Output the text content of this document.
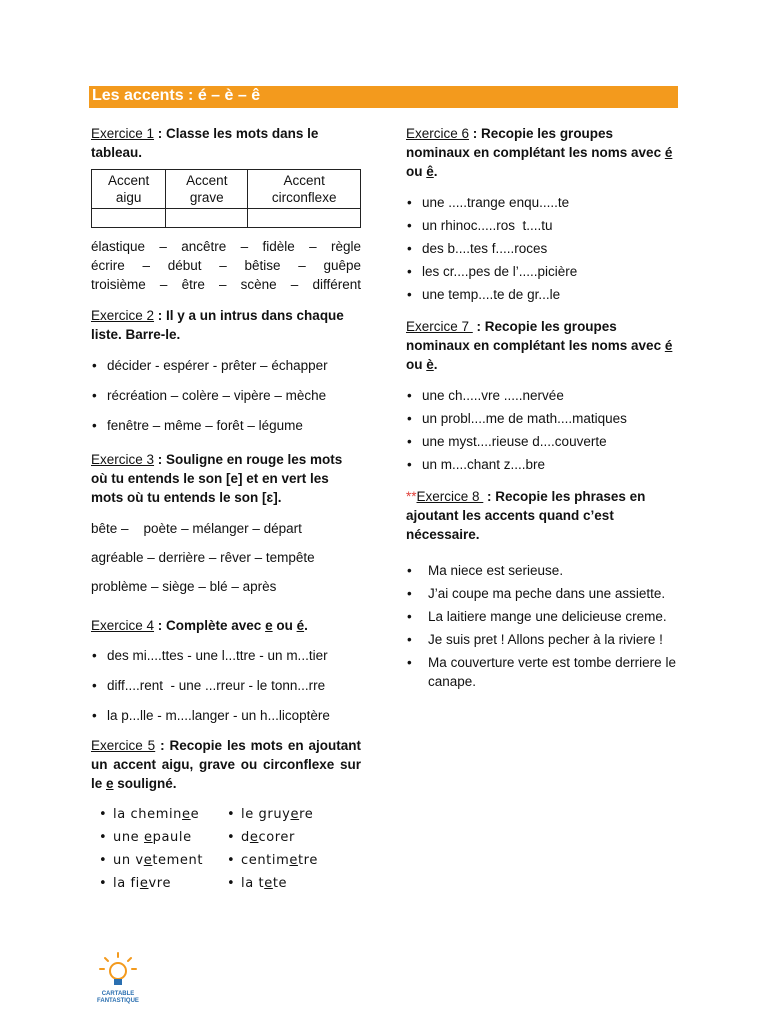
Les accents : é – è – ê
Exercice 1 : Classe les mots dans le tableau.
Accent aigu	Accent grave	Accent circonflexe

élastique – ancêtre – fidèle – règle
écrire – début – bêtise – guêpe
troisième – être – scène – différent
Exercice 2 : Il y a un intrus dans chaque liste. Barre-le.
• décider - espérer - prêter – échapper
• récréation – colère – vipère – mèche
• fenêtre – même – forêt – légume
Exercice 3 : Souligne en rouge les mots où tu entends le son [e] et en vert les mots où tu entends le son [ɛ].
bête –    poète – mélanger – départ
agréable – derrière – rêver – tempête
problème – siège – blé – après
Exercice 4 : Complète avec e ou é.
• des mi....ttes - une l...ttre - un m...tier
• diff....rent  - une ...rreur - le tonn...rre
• la p...lle - m....langer - un h...licoptère
Exercice 5 : Recopie les mots en ajoutant un accent aigu, grave ou circonflexe sur le e souligné.
• la cheminee
• une epaule
• un vetement
• la fievre
• le gruyere
• decorer
• centimetre
• la tete
Exercice 6 : Recopie les groupes nominaux en complétant les noms avec é ou ê.
• une .....trange enqu.....te
• un rhinoc.....ros  t....tu
• des b....tes f.....roces
• les cr....pes de l’.....picière
• une temp....te de gr...le
Exercice 7  : Recopie les groupes nominaux en complétant les noms avec é ou è.
• une ch.....vre .....nervée
• un probl....me de math....matiques
• une myst....rieuse d....couverte
• un m....chant z....bre
**Exercice 8  : Recopie les phrases en ajoutant les accents quand c’est nécessaire.
• Ma niece est serieuse.
• J’ai coupe ma peche dans une assiette.
• La laitiere mange une delicieuse creme.
• Je suis pret ! Allons pecher à la riviere !
• Ma couverture verte est tombe derriere le canape.
CARTABLE
FANTASTIQUE
